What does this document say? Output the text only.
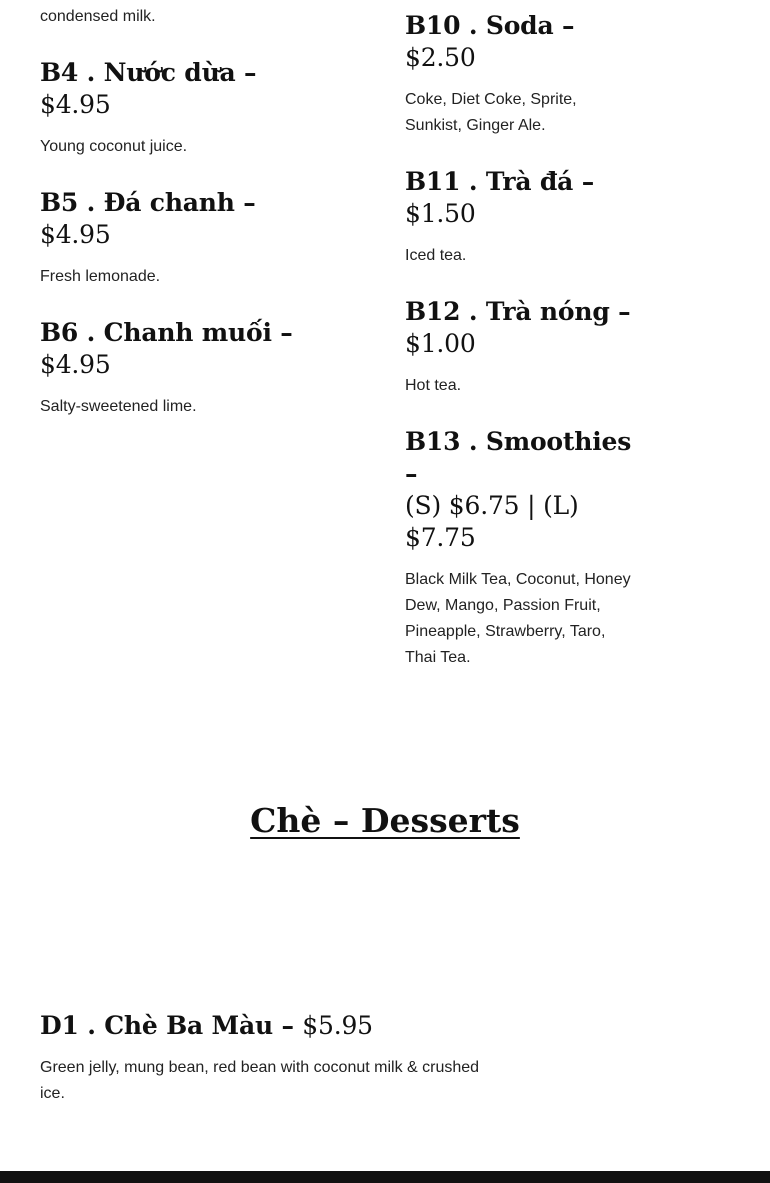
condensed milk.

B4 . Nước dừa –
$4.95

Young coconut juice.

B5 . Đá chanh –
$4.95

Fresh lemonade.

B6 . Chanh muối –
$4.95

Salty-sweetened lime.

B10 . Soda – $2.50

Coke, Diet Coke, Sprite, Sunkist, Ginger Ale.

B11 . Trà đá –
$1.50

Iced tea.

B12 . Trà nóng –
$1.00

Hot tea.

B13 . Smoothies –
(S) $6.75 | (L) $7.75

Black Milk Tea, Coconut, Honey Dew, Mango, Passion Fruit, Pineapple, Strawberry, Taro, Thai Tea.

Chè – Desserts
D1 . Chè Ba Màu – $5.95

Green jelly, mung bean, red bean with coconut milk & crushed ice.
